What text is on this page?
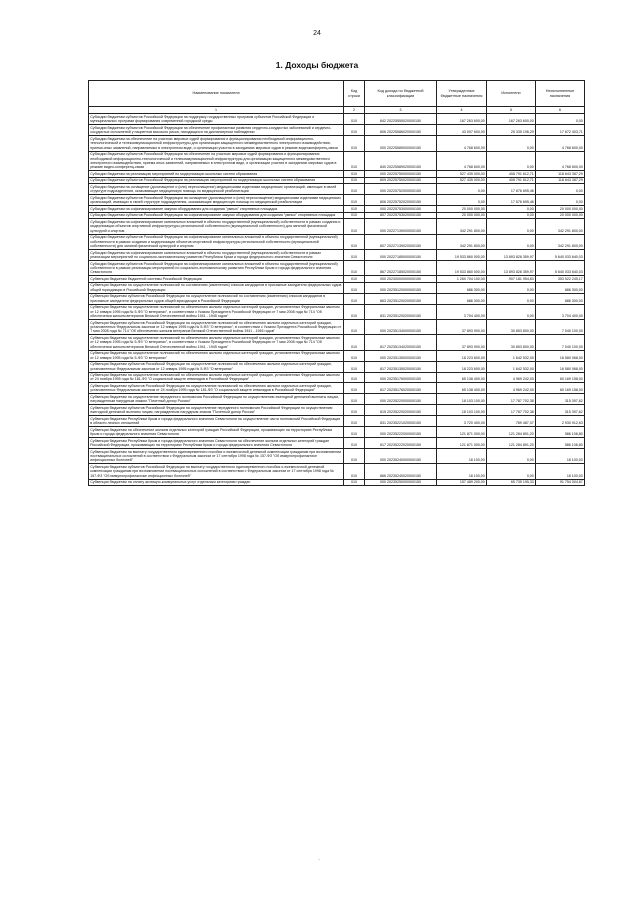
24
1. Доходы бюджета
Наименование показателя	Код строки	Код дохода по бюджетной классификации	Утвержденные бюджетные назначения	Исполнено	Неисполненные назначения
1	2	3	4	5	6
Субсидии бюджетам субъектов Российской Федерации на поддержку государственных программ субъектов Российской Федерации и муниципальных программ формирования современной городской среды	010	842 20225555020000150	167 263 600,00	167 263 600,00	0,00
Субсидии бюджетам субъектов Российской Федерации на обеспечение профилактики развития сердечно-сосудистых заболеваний и сердечно-сосудистых осложнений у пациентов высокого риска, находящихся на диспансерном наблюдении	010	806 20225586020000150	43 007 600,00	25 335 196,29	17 672 403,71
Субсидии бюджетам на обеспечение на участках мировых судей формирования и функционирования необходимой информационно-технологической и телекоммуникационной инфраструктуры для организации защищенного межведомственного электронного взаимодействия, приема иных заявлений, направляемых в электронном виде, и организации участия в заседаниях мировых судов в режиме видеоконференц-связи	010	000 20225589000000150	4 768 600,00	0,00	4 768 600,00
Субсидии бюджетам субъектов Российской Федерации на обеспечение на участках мировых судей формирования и функционирования необходимой информационно-технологической и телекоммуникационной инфраструктуры для организации защищенного межведомственного электронного взаимодействия, приема иных заявлений, направляемых в электронном виде, и организации участия в заседаниях мировых судов в режиме видео-конференц-связи	010	840 20225589020000150	4 768 600,00	0,00	4 768 600,00
Субсидии бюджетам на реализацию мероприятий по модернизации школьных систем образования	010	000 20225750000000150	527 435 000,00	408 791 612,71	118 643 387,29
Субсидии бюджетам субъектов Российской Федерации на реализацию мероприятий по модернизации школьных систем образования	010	809 20225750020000150	527 435 000,00	408 791 612,71	118 643 387,29
Субсидии бюджетам на оснащение (дооснащение и (или) переоснащение) медицинскими изделиями медицинских организаций, имеющих в своей структуре подразделения, оказывающие медицинскую помощь по медицинской реабилитации	010	000 20225752000000150	0,00	17 676 695,46	0,00
Субсидии бюджетам субъектов Российской Федерации на оснащение (дооснащение и (или) переоснащение) медицинскими изделиями медицинских организаций, имеющих в своей структуре подразделения, оказывающие медицинскую помощь по медицинской реабилитации	010	806 20225752020000150	0,00	17 676 695,46	0,00
Субсидии бюджетам на софинансирование закупки оборудования для создания "умных" спортивных площадок	010	000 20225753000000150	20 000 000,00	0,00	20 000 000,00
Субсидии бюджетам субъектов Российской Федерации на софинансирование закупки оборудования для создания "умных" спортивных площадок	010	807 20225753020000150	20 000 000,00	0,00	20 000 000,00
Субсидии бюджетам на софинансирование капитальных вложений в объекты государственной (муниципальной) собственности в рамках создания и модернизации объектов спортивной инфраструктуры региональной собственности (муниципальной собственности) для занятий физической культурой и спортом	010	000 20227139000000150	342 291 800,00	0,00	342 291 800,00
Субсидии бюджетам субъектов Российской Федерации на софинансирование капитальных вложений в объекты государственной (муниципальной) собственности в рамках создания и модернизации объектов спортивной инфраструктуры региональной собственности (муниципальной собственности) для занятий физической культурой и спортом	010	807 20227139020000150	342 291 800,00	0,00	342 291 800,00
Субсидии бюджетам на софинансирование капитальных вложений в объекты государственной (муниципальной) собственности в рамках реализации мероприятий по социально-экономическому развитию Республики Крым и города федерального значения Севастополя	010	000 20227185000000150	19 533 860 000,00	13 893 826 359,97	5 640 033 640,03
Субсидии бюджетам субъектов Российской Федерации на софинансирование капитальных вложений в объекты государственной (муниципальной) собственности в рамках реализации мероприятий по социально-экономическому развитию Республики Крым и города федерального значения Севастополя	010	867 20227185020000150	19 533 860 000,00	13 893 826 359,97	5 640 033 640,03
Субвенции бюджетам бюджетной системы Российской Федерации	010	000 20230000000000150	1 260 704 100,00	907 181 954,83	353 522 245,17
Субвенции бюджетам на осуществление полномочий по составлению (изменению) списков кандидатов в присяжные заседатели федеральных судов общей юрисдикции в Российской Федерации	010	000 20235120000000150	686 300,00	0,00	686 300,00
Субвенции бюджетам субъектов Российской Федерации на осуществление полномочий по составлению (изменению) списков кандидатов в присяжные заседатели федеральных судов общей юрисдикции в Российской Федерации	010	863 20235120020000150	686 300,00	0,00	686 300,00
Субвенции бюджетам на осуществление полномочий по обеспечению жильем отдельных категорий граждан, установленных Федеральным законом от 12 января 1995 года № 5-ФЗ "О ветеранах", в соответствии с Указом Президента Российской Федерации от 7 мая 2008 года № 714 "Об обеспечении жильем ветеранов Великой Отечественной войны 1941 - 1945 годов"	010	831 20235120020000150	3 704 400,00	0,00	3 704 400,00
Субвенции бюджетам субъектов Российской Федерации на осуществление полномочий по обеспечению жильем отдельных категорий граждан, установленных Федеральным законом от 12 января 1995 года № 5-ФЗ "О ветеранах", в соответствии с Указом Президента Российской Федерации от 7 мая 2008 года № 714 "Об обеспечении жильем ветеранов Великой Отечественной войны 1941 - 1945 годов"	010	000 20235134000000150	37 893 900,00	30 853 800,00	7 040 100,00
Субвенции бюджетам на осуществление полномочий по обеспечению жильем отдельных категорий граждан, установленных Федеральным законом от 12 января 1995 года № 5-ФЗ "О ветеранах", в соответствии с Указом Президента Российской Федерации от 7 мая 2008 года № 714 "Об обеспечении жильем ветеранов Великой Отечественной войны 1941 - 1945 годов"	010	817 20235134020000150	37 893 900,00	30 853 800,00	7 040 100,00
Субвенции бюджетам на осуществление полномочий по обеспечению жильем отдельных категорий граждан, установленных Федеральным законом от 12 января 1995 года № 5-ФЗ "О ветеранах"	010	000 20235135000000150	18 223 600,00	1 642 532,00	16 580 068,00
Субвенции бюджетам субъектов Российской Федерации на осуществление полномочий по обеспечению жильем отдельных категорий граждан, установленных Федеральным законом от 12 января 1995 года № 5-ФЗ "О ветеранах"	010	817 20235135020000150	18 223 600,00	1 642 532,00	16 580 068,00
Субвенции бюджетам на осуществление полномочий по обеспечению жильем отдельных категорий граждан, установленных Федеральным законом от 24 ноября 1995 года № 181-ФЗ "О социальной защите инвалидов в Российской Федерации"	010	000 20235176000000150	65 138 400,00	4 969 242,00	60 169 158,00
Субвенции бюджетам субъектов Российской Федерации на осуществление полномочий по обеспечению жильем отдельных категорий граждан, установленных Федеральным законом от 24 ноября 1995 года № 181-ФЗ "О социальной защите инвалидов в Российской Федерации"	010	817 20235176020000150	65 138 400,00	4 969 242,00	60 169 158,00
Субвенции бюджетам на осуществление переданного полномочия Российской Федерации по осуществлению ежегодной денежной выплаты лицам, награжденным нагрудным знаком "Почетный донор России"	010	000 20235220000000150	18 103 100,00	17 787 702,38	315 397,62
Субвенции бюджетам субъектов Российской Федерации на осуществление переданного полномочия Российской Федерации по осуществлению ежегодной денежной выплаты лицам, награжденным нагрудным знаком "Почетный донор России"	010	815 20235220020000150	18 103 100,00	17 787 702,38	315 397,62
Субвенции бюджетам Республики Крым и города федерального значения Севастополя на осуществление части полномочий Российской Федерации в области лесных отношений	010	831 20235221020000150	3 720 400,00	789 487,37	2 930 912,63
Субвенции бюджетам на обеспечение жильем отдельных категорий граждан Российской Федерации, проживающих на территориях Республики Крым и города федерального значения Севастополя	010	000 20235222000000150	121 871 000,00	121 284 891,20	586 108,80
Субвенции бюджетам Республики Крым и города федерального значения Севастополя на обеспечение жильем отдельных категорий граждан Российской Федерации, проживающих на территориях Республики Крым и города федерального значения Севастополя	010	817 20235222020000150	121 871 000,00	121 284 891,20	586 108,80
Субвенции бюджетам на выплату государственного единовременного пособия и ежемесячной денежной компенсации гражданам при возникновении поствакцинальных осложнений в соответствии с Федеральным законом от 17 сентября 1998 года № 157-ФЗ "Об иммунопрофилактике инфекционных болезней"	010	000 20235240000000150	18 100,00	0,00	18 100,00
Субвенции бюджетам субъектов Российской Федерации на выплату государственного единовременного пособия и ежемесячной денежной компенсации гражданам при возникновении поствакцинальных осложнений в соответствии с Федеральным законом от 17 сентября 1998 года № 157-ФЗ "Об иммунопрофилактике инфекционных болезней"	010	866 20235240020000150	18 100,00	0,00	18 100,00
Субвенции бюджетам на оплату жилищно-коммунальных услуг отдельным категориям граждан	010	000 20235250000000150	157 489 200,00	65 735 195,33	91 754 004,67
·
